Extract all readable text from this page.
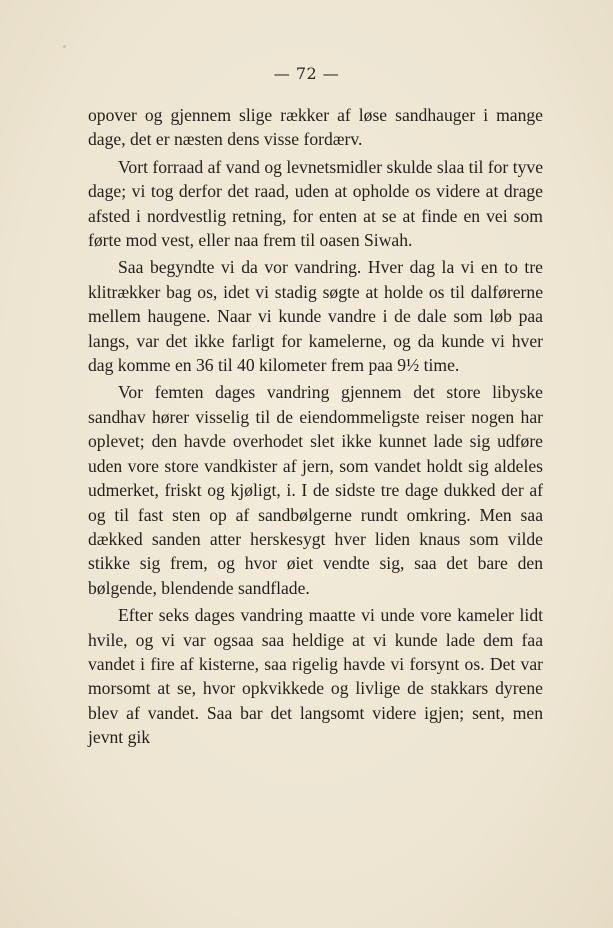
— 72 —

opover og gjennem slige rækker af løse sandhauger i mange dage, det er næsten dens visse fordærv.

Vort forraad af vand og levnetsmidler skulde slaa til for tyve dage; vi tog derfor det raad, uden at opholde os videre at drage afsted i nordvestlig retning, for enten at se at finde en vei som førte mod vest, eller naa frem til oasen Siwah.

Saa begyndte vi da vor vandring. Hver dag la vi en to tre klitrækker bag os, idet vi stadig søgte at holde os til dalførerne mellem haugene. Naar vi kunde vandre i de dale som løb paa langs, var det ikke farligt for kamelerne, og da kunde vi hver dag komme en 36 til 40 kilometer frem paa 9½ time.

Vor femten dages vandring gjennem det store libyske sandhav hører visselig til de eiendommeligste reiser nogen har oplevet; den havde overhodet slet ikke kunnet lade sig udføre uden vore store vandkister af jern, som vandet holdt sig aldeles udmerket, friskt og kjøligt, i. I de sidste tre dage dukked der af og til fast sten op af sandbølgerne rundt omkring. Men saa dækked sanden atter herskesygt hver liden knaus som vilde stikke sig frem, og hvor øiet vendte sig, saa det bare den bølgende, blendende sandflade.

Efter seks dages vandring maatte vi unde vore kameler lidt hvile, og vi var ogsaa saa heldige at vi kunde lade dem faa vandet i fire af kisterne, saa rigelig havde vi forsynt os. Det var morsomt at se, hvor opkvikkede og livlige de stakkars dyrene blev af vandet. Saa bar det langsomt videre igjen; sent, men jevnt gik
